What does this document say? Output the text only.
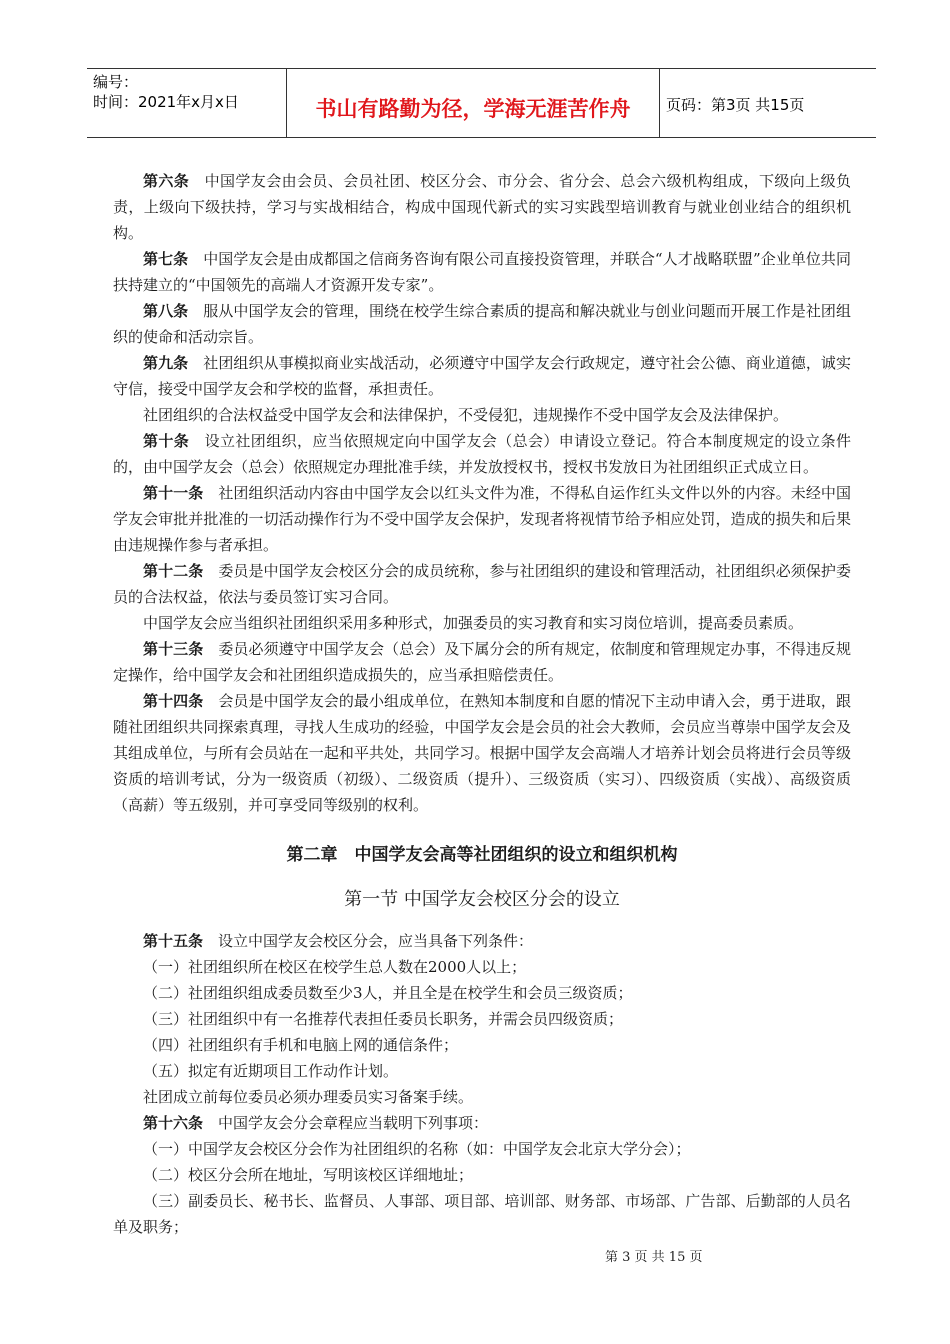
编号：
时间：2021年x月x日	书山有路勤为径，学海无涯苦作舟	页码：第3页 共15页

第六条　中国学友会由会员、会员社团、校区分会、市分会、省分会、总会六级机构组成，下级向上级负责，上级向下级扶持，学习与实战相结合，构成中国现代新式的实习实践型培训教育与就业创业结合的组织机构。

第七条　中国学友会是由成都国之信商务咨询有限公司直接投资管理，并联合“人才战略联盟”企业单位共同扶持建立的“中国领先的高端人才资源开发专家”。

第八条　服从中国学友会的管理，围绕在校学生综合素质的提高和解决就业与创业问题而开展工作是社团组织的使命和活动宗旨。

第九条　社团组织从事模拟商业实战活动，必须遵守中国学友会行政规定，遵守社会公德、商业道德，诚实守信，接受中国学友会和学校的监督，承担责任。

社团组织的合法权益受中国学友会和法律保护，不受侵犯，违规操作不受中国学友会及法律保护。

第十条　设立社团组织，应当依照规定向中国学友会（总会）申请设立登记。符合本制度规定的设立条件的，由中国学友会（总会）依照规定办理批准手续，并发放授权书，授权书发放日为社团组织正式成立日。

第十一条　社团组织活动内容由中国学友会以红头文件为准，不得私自运作红头文件以外的内容。未经中国学友会审批并批准的一切活动操作行为不受中国学友会保护，发现者将视情节给予相应处罚，造成的损失和后果由违规操作参与者承担。

第十二条　委员是中国学友会校区分会的成员统称，参与社团组织的建设和管理活动，社团组织必须保护委员的合法权益，依法与委员签订实习合同。

中国学友会应当组织社团组织采用多种形式，加强委员的实习教育和实习岗位培训，提高委员素质。

第十三条　委员必须遵守中国学友会（总会）及下属分会的所有规定，依制度和管理规定办事，不得违反规定操作，给中国学友会和社团组织造成损失的，应当承担赔偿责任。

第十四条　会员是中国学友会的最小组成单位，在熟知本制度和自愿的情况下主动申请入会，勇于进取，跟随社团组织共同探索真理，寻找人生成功的经验，中国学友会是会员的社会大教师，会员应当尊崇中国学友会及其组成单位，与所有会员站在一起和平共处，共同学习。根据中国学友会高端人才培养计划会员将进行会员等级资质的培训考试，分为一级资质（初级）、二级资质（提升）、三级资质（实习）、四级资质（实战）、高级资质（高薪）等五级别，并可享受同等级别的权利。

第二章　中国学友会高等社团组织的设立和组织机构
第一节 中国学友会校区分会的设立

第十五条　设立中国学友会校区分会，应当具备下列条件：

（一）社团组织所在校区在校学生总人数在2000人以上；

（二）社团组织组成委员数至少3人，并且全是在校学生和会员三级资质；

（三）社团组织中有一名推荐代表担任委员长职务，并需会员四级资质；

（四）社团组织有手机和电脑上网的通信条件；

（五）拟定有近期项目工作动作计划。

社团成立前每位委员必须办理委员实习备案手续。

第十六条　中国学友会分会章程应当载明下列事项：

（一）中国学友会校区分会作为社团组织的名称（如：中国学友会北京大学分会）；

（二）校区分会所在地址，写明该校区详细地址；

（三）副委员长、秘书长、监督员、人事部、项目部、培训部、财务部、市场部、广告部、后勤部的人员名单及职务；

第 3 页 共 15 页
